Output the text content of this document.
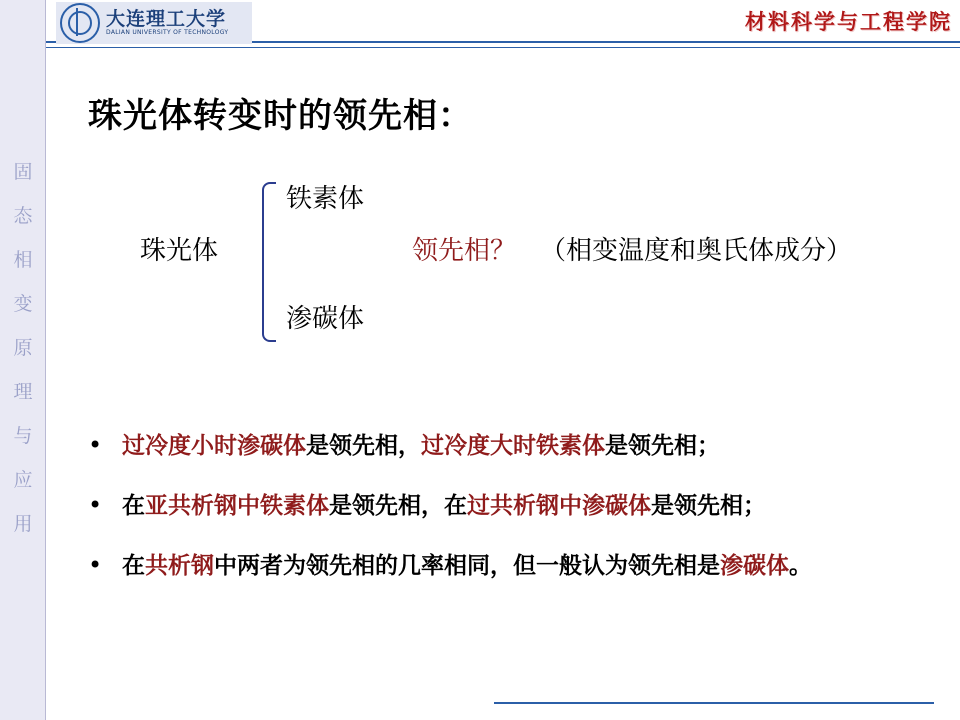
固
态
相
变
原
理
与
应
用
大连理工大学
DALIAN UNIVERSITY OF TECHNOLOGY	材料科学与工程学院
珠光体转变时的领先相：
珠光体
铁素体
渗碳体
领先相？ （相变温度和奥氏体成分）
• 过冷度小时渗碳体是领先相，过冷度大时铁素体是领先相；
• 在亚共析钢中铁素体是领先相，在过共析钢中渗碳体是领先相；
• 在共析钢中两者为领先相的几率相同，但一般认为领先相是渗碳体。
